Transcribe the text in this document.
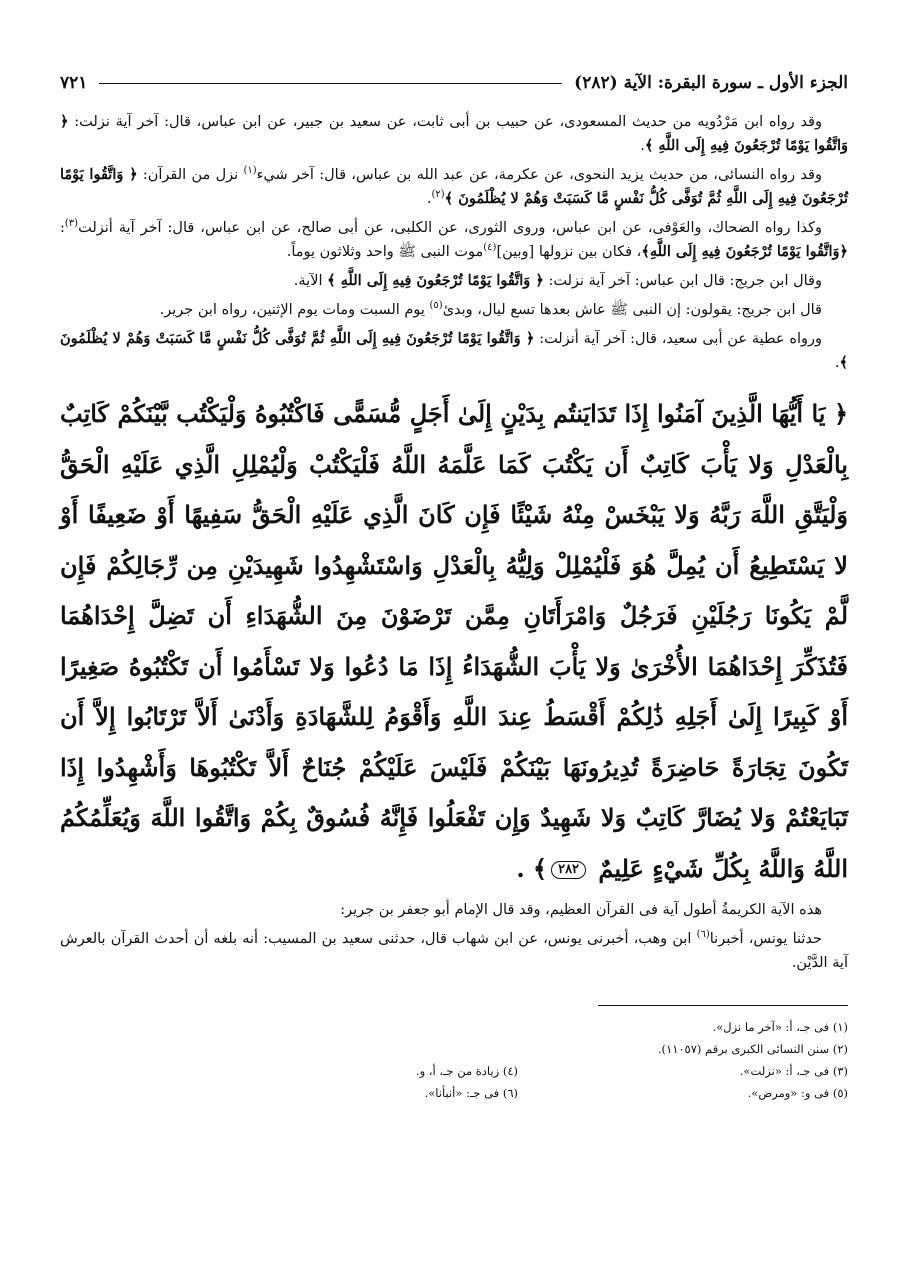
الجزء الأول ـ سورة البقرة: الآية (٢٨٢)
٧٢١

وقد رواه ابن مَرْدُويه من حديث المسعودى، عن حبيب بن أبى ثابت، عن سعيد بن جبير، عن ابن عباس، قال: آخر آية نزلت: ﴿ وَاتَّقُوا يَوْمًا تُرْجَعُونَ فِيهِ إِلَى اللَّهِ ﴾.

وقد رواه النسائى، من حديث يزيد النحوى، عن عكرمة، عن عبد الله بن عباس، قال: آخر شيء$^{(١)}$ نزل من القرآن: ﴿ وَاتَّقُوا يَوْمًا تُرْجَعُونَ فِيهِ إِلَى اللَّهِ ثُمَّ تُوَفَّى كُلُّ نَفْسٍ مَّا كَسَبَتْ وَهُمْ لا يُظْلَمُونَ ﴾$^{(٢)}$.

وكذا رواه الضحاك، والعَوْفى، عن ابن عباس، وروى الثورى، عن الكلبى، عن أبى صالح، عن ابن عباس، قال: آخر آية أنزلت$^{(٣)}$: ﴿وَاتَّقُوا يَوْمًا تُرْجَعُونَ فِيهِ إِلَى اللَّهِ﴾، فكان بين نزولها [وبين]$^{(٤)}$موت النبى ﷺ واحد وثلاثون يوماً.

وقال ابن جريج: قال ابن عباس: آخر آية نزلت: ﴿ وَاتَّقُوا يَوْمًا تُرْجَعُونَ فِيهِ إِلَى اللَّهِ ﴾ الآية.

قال ابن جريج: يقولون: إن النبى ﷺ عاش بعدها تسع ليال، وبدئ$^{(٥)}$ يوم السبت ومات يوم الإثنين، رواه ابن جرير.

ورواه عطية عن أبى سعيد، قال: آخر آية أنزلت: ﴿ وَاتَّقُوا يَوْمًا تُرْجَعُونَ فِيهِ إِلَى اللَّهِ ثُمَّ تُوَفَّى كُلُّ نَفْسٍ مَّا كَسَبَتْ وَهُمْ لا يُظْلَمُونَ ﴾.

﴿ يَا أَيُّهَا الَّذِينَ آمَنُوا إِذَا تَدَايَنتُم بِدَيْنٍ إِلَىٰ أَجَلٍ مُّسَمًّى فَاكْتُبُوهُ وَلْيَكْتُب بَّيْنَكُمْ كَاتِبٌ بِالْعَدْلِ وَلا يَأْبَ كَاتِبٌ أَن يَكْتُبَ كَمَا عَلَّمَهُ اللَّهُ فَلْيَكْتُبْ وَلْيُمْلِلِ الَّذِي عَلَيْهِ الْحَقُّ وَلْيَتَّقِ اللَّهَ رَبَّهُ وَلا يَبْخَسْ مِنْهُ شَيْئًا فَإِن كَانَ الَّذِي عَلَيْهِ الْحَقُّ سَفِيهًا أَوْ ضَعِيفًا أَوْ لا يَسْتَطِيعُ أَن يُمِلَّ هُوَ فَلْيُمْلِلْ وَلِيُّهُ بِالْعَدْلِ وَاسْتَشْهِدُوا شَهِيدَيْنِ مِن رِّجَالِكُمْ فَإِن لَّمْ يَكُونَا رَجُلَيْنِ فَرَجُلٌ وَامْرَأَتَانِ مِمَّن تَرْضَوْنَ مِنَ الشُّهَدَاءِ أَن تَضِلَّ إِحْدَاهُمَا فَتُذَكِّرَ إِحْدَاهُمَا الأُخْرَىٰ وَلا يَأْبَ الشُّهَدَاءُ إِذَا مَا دُعُوا وَلا تَسْأَمُوا أَن تَكْتُبُوهُ صَغِيرًا أَوْ كَبِيرًا إِلَىٰ أَجَلِهِ ذَٰلِكُمْ أَقْسَطُ عِندَ اللَّهِ وَأَقْوَمُ لِلشَّهَادَةِ وَأَدْنَىٰ أَلاَّ تَرْتَابُوا إِلاَّ أَن تَكُونَ تِجَارَةً حَاضِرَةً تُدِيرُونَهَا بَيْنَكُمْ فَلَيْسَ عَلَيْكُمْ جُنَاحٌ أَلاَّ تَكْتُبُوهَا وَأَشْهِدُوا إِذَا تَبَايَعْتُمْ وَلا يُضَارَّ كَاتِبٌ وَلا شَهِيدٌ وَإِن تَفْعَلُوا فَإِنَّهُ فُسُوقٌ بِكُمْ وَاتَّقُوا اللَّهَ وَيُعَلِّمُكُمُ اللَّهُ وَاللَّهُ بِكُلِّ شَيْءٍ عَلِيمٌ ٢٨٢﴾ .

هذه الآية الكريمةُ أطول آية فى القرآن العظيم، وقد قال الإمام أبو جعفر بن جرير:

حدثنا يونس، أخبرنا$^{(٦)}$ ابن وهب، أخبرنى يونس، عن ابن شهاب قال، حدثنى سعيد بن المسيب: أنه بلغه أن أحدث القرآن بالعرش آية الدَّيْن.

(١) فى جـ، أ: «آخر ما نزل».
(٢) سنن النسائى الكبرى برقم (١١٠٥٧).
(٣) فى جـ، أ: «نزلت».
(٤) زيادة من جـ، أ، و.
(٥) فى و: «ومرض».
(٦) فى جـ: «أنبأنا».
